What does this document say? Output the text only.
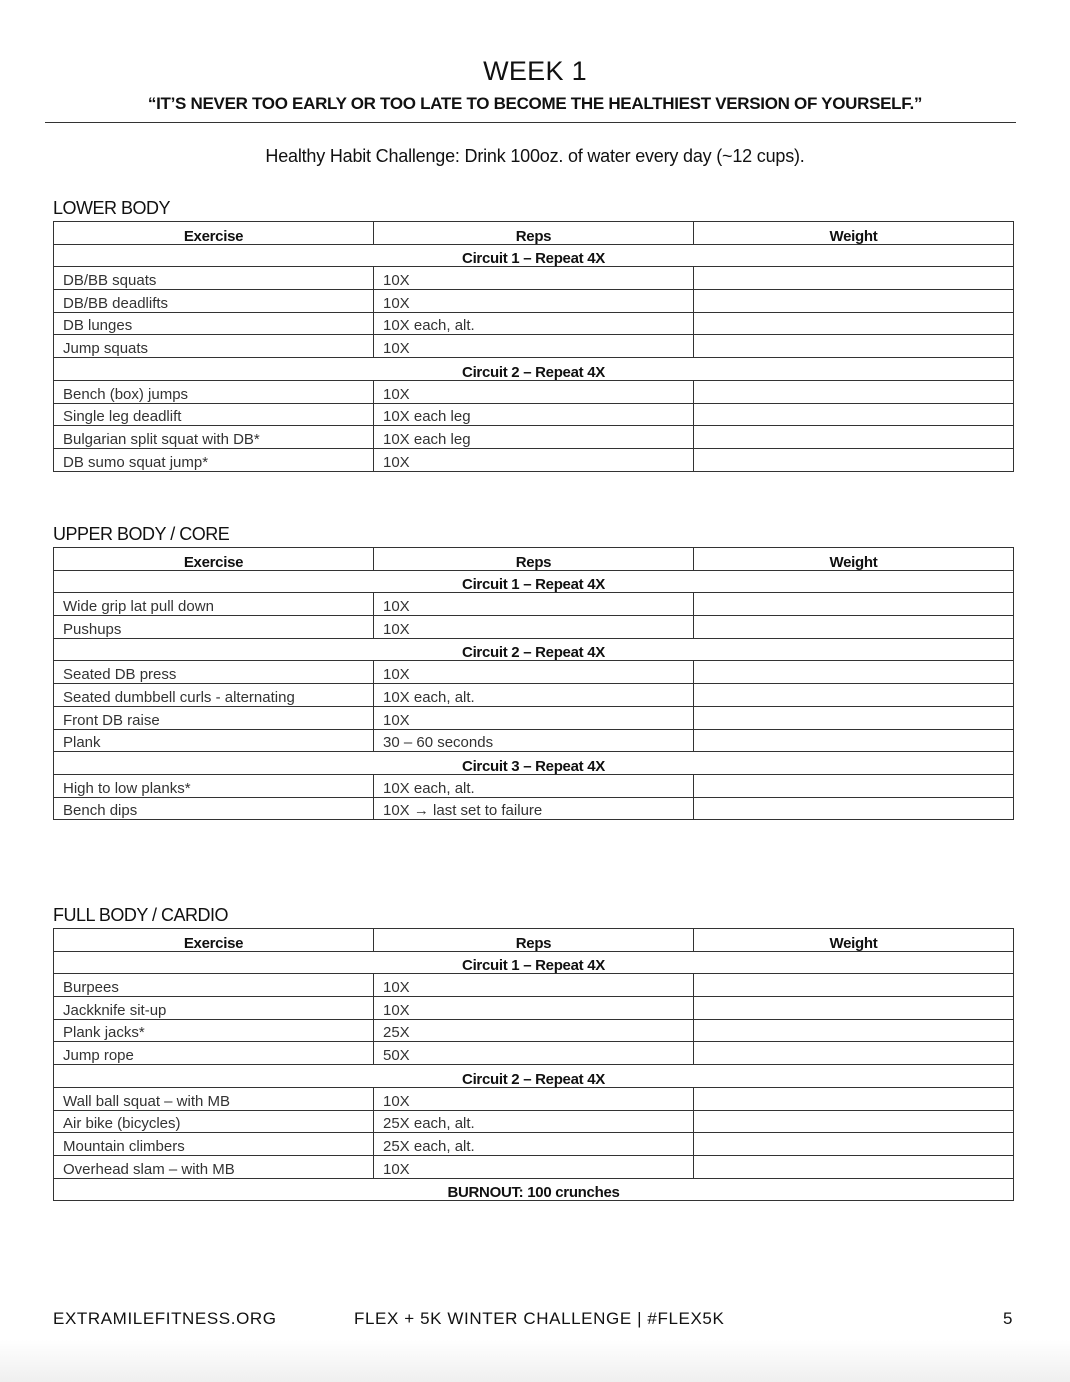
WEEK 1
“IT’S NEVER TOO EARLY OR TOO LATE TO BECOME THE HEALTHIEST VERSION OF YOURSELF.”
Healthy Habit Challenge: Drink 100oz. of water every day (~12 cups).
LOWER BODY
Exercise	Reps	Weight
Circuit 1 – Repeat 4X		
DB/BB squats	10X	
DB/BB deadlifts	10X	
DB lunges	10X each, alt.	
Jump squats	10X	
Circuit 2 – Repeat 4X		
Bench (box) jumps	10X	
Single leg deadlift	10X each leg	
Bulgarian split squat with DB*	10X each leg	
DB sumo squat jump*	10X	
UPPER BODY / CORE
Exercise	Reps	Weight
Circuit 1 – Repeat 4X		
Wide grip lat pull down	10X	
Pushups	10X	
Circuit 2 – Repeat 4X		
Seated DB press	10X	
Seated dumbbell curls - alternating	10X each, alt.	
Front DB raise	10X	
Plank	30 – 60 seconds	
Circuit 3 – Repeat 4X		
High to low planks*	10X each, alt.	
Bench dips	10X → last set to failure	
FULL BODY / CARDIO
Exercise	Reps	Weight
Circuit 1 – Repeat 4X		
Burpees	10X	
Jackknife sit-up	10X	
Plank jacks*	25X	
Jump rope	50X	
Circuit 2 – Repeat 4X		
Wall ball squat – with MB	10X	
Air bike (bicycles)	25X each, alt.	
Mountain climbers	25X each, alt.	
Overhead slam – with MB	10X	
BURNOUT: 100 crunches		
EXTRAMILEFITNESS.ORG	FLEX + 5K WINTER CHALLENGE | #FLEX5K	5
